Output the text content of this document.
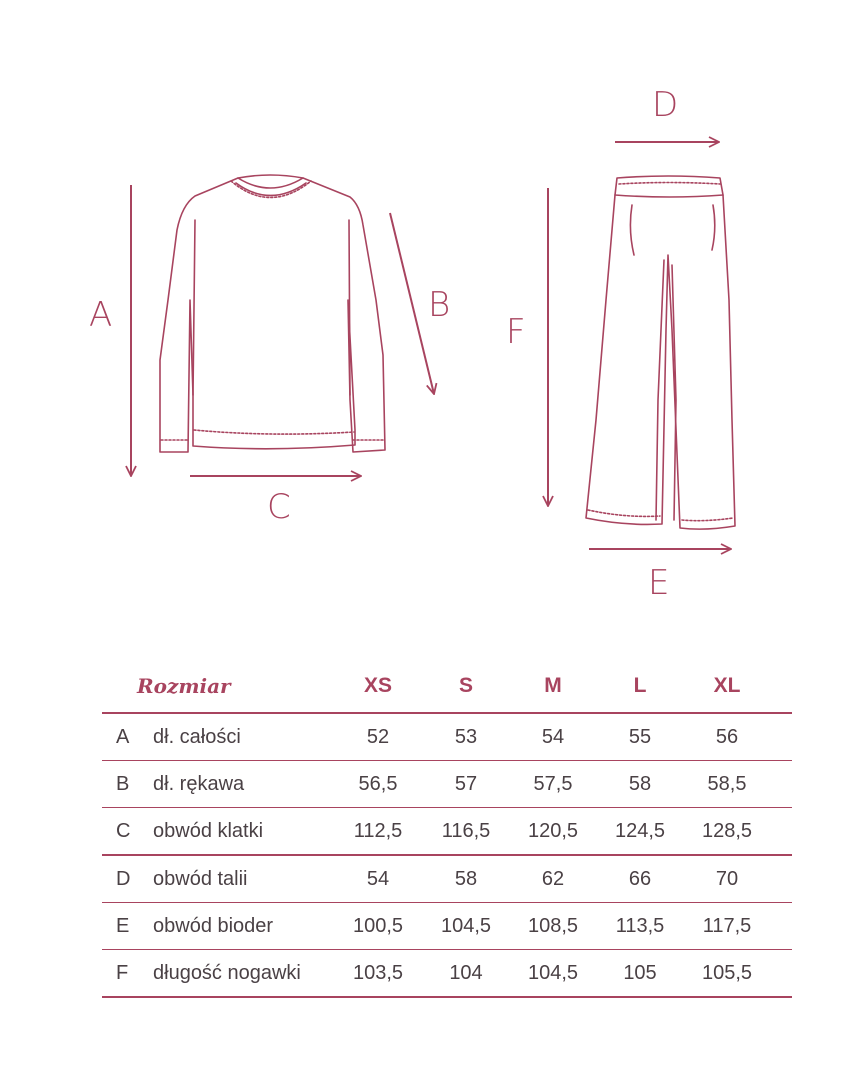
A	B
C
D
F
E
Rozmiar	XS	S	M	L	XL
A	dł. całości	52	53	54	55	56
B	dł. rękawa	56,5	57	57,5	58	58,5
C	obwód klatki	112,5	116,5	120,5	124,5	128,5
D	obwód talii	54	58	62	66	70
E	obwód bioder	100,5	104,5	108,5	113,5	117,5
F	długość nogawki	103,5	104	104,5	105	105,5
